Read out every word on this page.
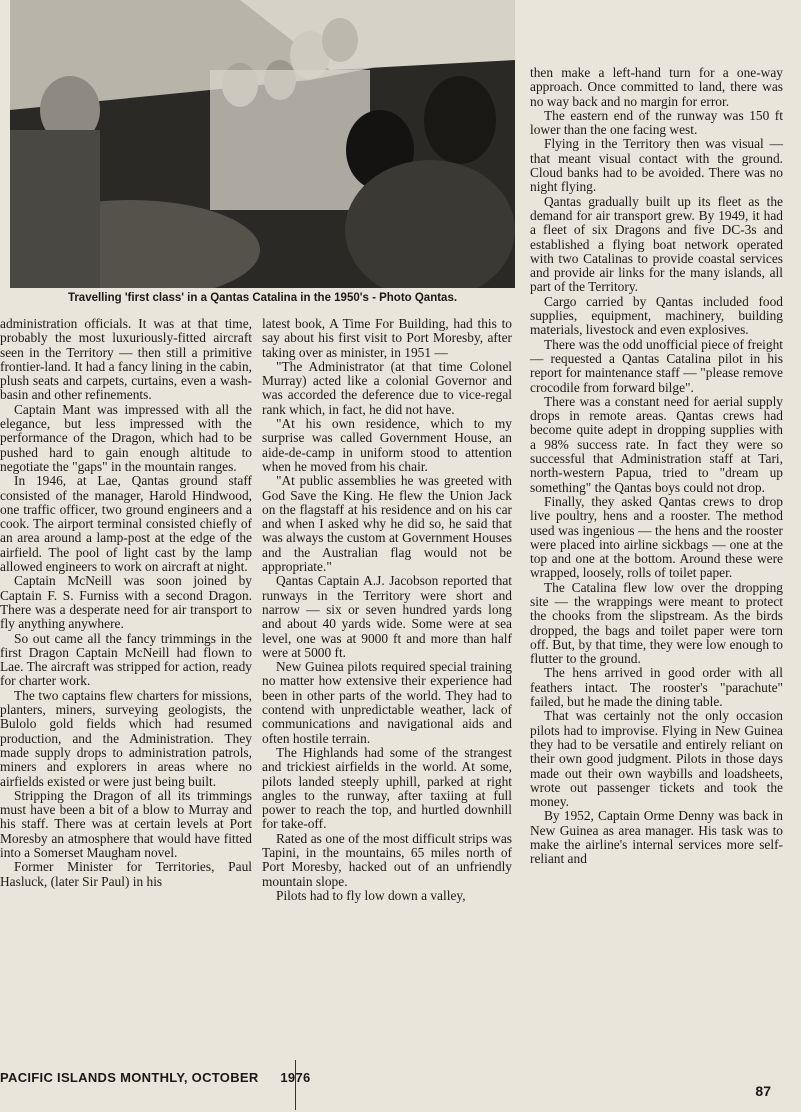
Travelling 'first class' in a Qantas Catalina in the 1950's - Photo Qantas.

administration officials. It was at that time, probably the most luxuriously-fitted aircraft seen in the Territory — then still a primitive frontier-land. It had a fancy lining in the cabin, plush seats and carpets, curtains, even a wash-basin and other refinements.

Captain Mant was impressed with all the elegance, but less impressed with the performance of the Dragon, which had to be pushed hard to gain enough altitude to negotiate the "gaps" in the mountain ranges.

In 1946, at Lae, Qantas ground staff consisted of the manager, Harold Hindwood, one traffic officer, two ground engineers and a cook. The airport terminal consisted chiefly of an area around a lamp-post at the edge of the airfield. The pool of light cast by the lamp allowed engineers to work on aircraft at night.

Captain McNeill was soon joined by Captain F. S. Furniss with a second Dragon. There was a desperate need for air transport to fly anything anywhere.

So out came all the fancy trimmings in the first Dragon Captain McNeill had flown to Lae. The aircraft was stripped for action, ready for charter work.

The two captains flew charters for missions, planters, miners, surveying geologists, the Bulolo gold fields which had resumed production, and the Administration. They made supply drops to administration patrols, miners and explorers in areas where no airfields existed or were just being built.

Stripping the Dragon of all its trimmings must have been a bit of a blow to Murray and his staff. There was at certain levels at Port Moresby an atmosphere that would have fitted into a Somerset Maugham novel.

Former Minister for Territories, Paul Hasluck, (later Sir Paul) in his

latest book, A Time For Building, had this to say about his first visit to Port Moresby, after taking over as minister, in 1951 —

"The Administrator (at that time Colonel Murray) acted like a colonial Governor and was accorded the deference due to vice-regal rank which, in fact, he did not have.

"At his own residence, which to my surprise was called Government House, an aide-de-camp in uniform stood to attention when he moved from his chair.

"At public assemblies he was greeted with God Save the King. He flew the Union Jack on the flagstaff at his residence and on his car and when I asked why he did so, he said that was always the custom at Government Houses and the Australian flag would not be appropriate."

Qantas Captain A.J. Jacobson reported that runways in the Territory were short and narrow — six or seven hundred yards long and about 40 yards wide. Some were at sea level, one was at 9000 ft and more than half were at 5000 ft.

New Guinea pilots required special training no matter how extensive their experience had been in other parts of the world. They had to contend with unpredictable weather, lack of communications and navigational aids and often hostile terrain.

The Highlands had some of the strangest and trickiest airfields in the world. At some, pilots landed steeply uphill, parked at right angles to the runway, after taxiing at full power to reach the top, and hurtled downhill for take-off.

Rated as one of the most difficult strips was Tapini, in the mountains, 65 miles north of Port Moresby, hacked out of an unfriendly mountain slope.

Pilots had to fly low down a valley,

then make a left-hand turn for a one-way approach. Once committed to land, there was no way back and no margin for error.

The eastern end of the runway was 150 ft lower than the one facing west.

Flying in the Territory then was visual — that meant visual contact with the ground. Cloud banks had to be avoided. There was no night flying.

Qantas gradually built up its fleet as the demand for air transport grew. By 1949, it had a fleet of six Dragons and five DC-3s and established a flying boat network operated with two Catalinas to provide coastal services and provide air links for the many islands, all part of the Territory.

Cargo carried by Qantas included food supplies, equipment, machinery, building materials, livestock and even explosives.

There was the odd unofficial piece of freight — requested a Qantas Catalina pilot in his report for maintenance staff — "please remove crocodile from forward bilge".

There was a constant need for aerial supply drops in remote areas. Qantas crews had become quite adept in dropping supplies with a 98% success rate. In fact they were so successful that Administration staff at Tari, north-western Papua, tried to "dream up something" the Qantas boys could not drop.

Finally, they asked Qantas crews to drop live poultry, hens and a rooster. The method used was ingenious — the hens and the rooster were placed into airline sickbags — one at the top and one at the bottom. Around these were wrapped, loosely, rolls of toilet paper.

The Catalina flew low over the dropping site — the wrappings were meant to protect the chooks from the slipstream. As the birds dropped, the bags and toilet paper were torn off. But, by that time, they were low enough to flutter to the ground.

The hens arrived in good order with all feathers intact. The rooster's "parachute" failed, but he made the dining table.

That was certainly not the only occasion pilots had to improvise. Flying in New Guinea they had to be versatile and entirely reliant on their own good judgment. Pilots in those days made out their own waybills and loadsheets, wrote out passenger tickets and took the money.

By 1952, Captain Orme Denny was back in New Guinea as area manager. His task was to make the airline's internal services more self-reliant and

PACIFIC ISLANDS MONTHLY, OCTOBER 1976
87
